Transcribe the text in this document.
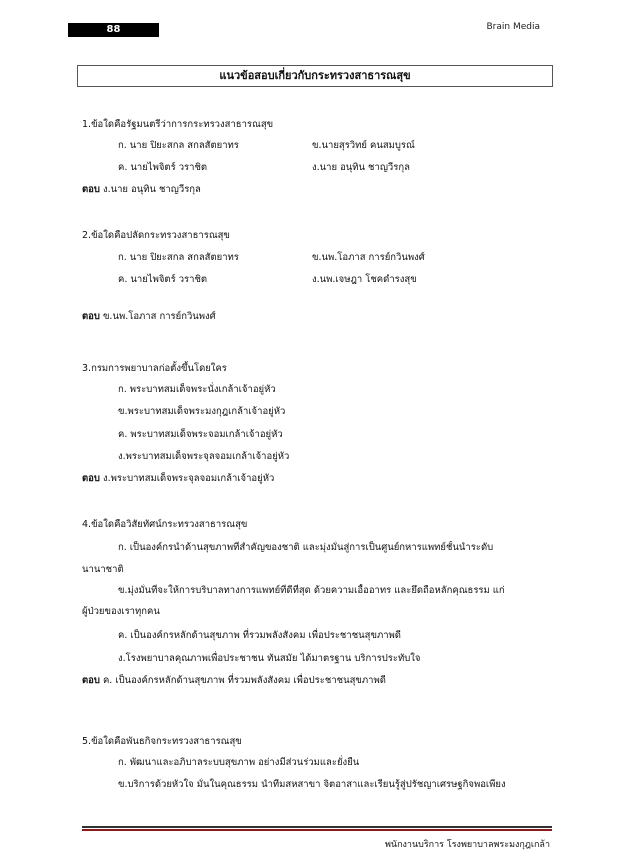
88	Brain Media
แนวข้อสอบเกี่ยวกับกระทรวงสาธารณสุข
1.ข้อใดคือรัฐมนตรีว่าการกระทรวงสาธารณสุข
ก. นาย ปิยะสกล สกลสัตยาทร	ข.นายสุรวิทย์ คนสมบูรณ์
ค. นายไพจิตร์ วราชิต	ง.นาย อนุทิน ชาญวีรกุล
ตอบ ง.นาย อนุทิน ชาญวีรกุล
2.ข้อใดคือปลัดกระทรวงสาธารณสุข
ก. นาย ปิยะสกล สกลสัตยาทร	ข.นพ.โอภาส การย์กวินพงศ์
ค. นายไพจิตร์ วราชิต	ง.นพ.เจษฎา โชคดำรงสุข
ตอบ ข.นพ.โอภาส การย์กวินพงศ์
3.กรมการพยาบาลก่อตั้งขึ้นโดยใคร
ก. พระบาทสมเด็จพระนั่งเกล้าเจ้าอยู่หัว
ข.พระบาทสมเด็จพระมงกุฎเกล้าเจ้าอยู่หัว
ค. พระบาทสมเด็จพระจอมเกล้าเจ้าอยู่หัว
ง.พระบาทสมเด็จพระจุลจอมเกล้าเจ้าอยู่หัว
ตอบ ง.พระบาทสมเด็จพระจุลจอมเกล้าเจ้าอยู่หัว
4.ข้อใดคือวิสัยทัศน์กระทรวงสาธารณสุข
ก. เป็นองค์กรนำด้านสุขภาพที่สำคัญของชาติ และมุ่งมั่นสู่การเป็นศูนย์กหารแพทย์ชั้นนำระดับ
นานาชาติ
ข.มุ่งมั่นที่จะให้การบริบาลทางการแพทย์ที่ดีที่สุด ด้วยความเอื้ออาทร และยึดถือหลักคุณธรรม แก่
ผู้ป่วยของเราทุกคน
ค. เป็นองค์กรหลักด้านสุขภาพ ที่รวมพลังสังคม เพื่อประชาชนสุขภาพดี
ง.โรงพยาบาลคุณภาพเพื่อประชาชน ทันสมัย ได้มาตรฐาน บริการประทับใจ
ตอบ ค. เป็นองค์กรหลักด้านสุขภาพ ที่รวมพลังสังคม เพื่อประชาชนสุขภาพดี
5.ข้อใดคือพันธกิจกระทรวงสาธารณสุข
ก. พัฒนาและอภิบาลระบบสุขภาพ อย่างมีส่วนร่วมและยั่งยืน
ข.บริการด้วยหัวใจ มั่นในคุณธรรม นำทีมสหสาขา จิตอาสาและเรียนรู้สู่ปรัชญาเศรษฐกิจพอเพียง
พนักงานบริการ โรงพยาบาลพระมงกุฎเกล้า
